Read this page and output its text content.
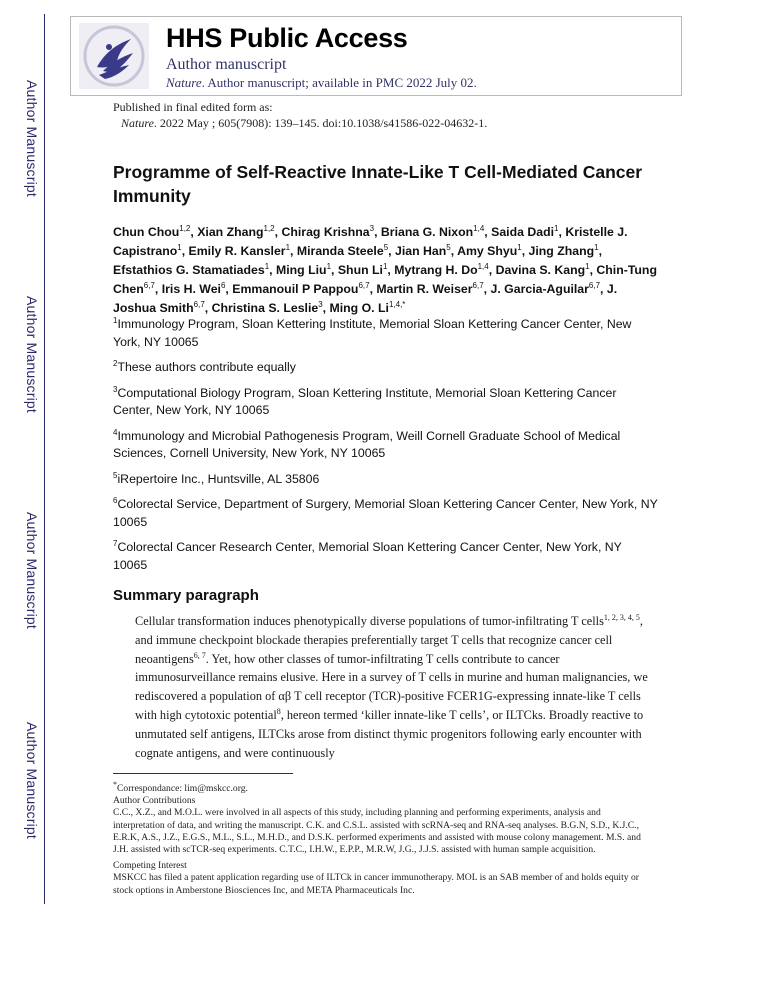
Author Manuscript
Author Manuscript
Author Manuscript
Author Manuscript
HHS Public Access
Author manuscript
Nature. Author manuscript; available in PMC 2022 July 02.
Published in final edited form as:
Nature. 2022 May ; 605(7908): 139–145. doi:10.1038/s41586-022-04632-1.
Programme of Self-Reactive Innate-Like T Cell-Mediated Cancer Immunity
Chun Chou$^{1,2}$, Xian Zhang$^{1,2}$, Chirag Krishna$^3$, Briana G. Nixon$^{1,4}$, Saida Dadi$^1$, Kristelle J. Capistrano$^1$, Emily R. Kansler$^1$, Miranda Steele$^5$, Jian Han$^5$, Amy Shyu$^1$, Jing Zhang$^1$, Efstathios G. Stamatiades$^1$, Ming Liu$^1$, Shun Li$^1$, Mytrang H. Do$^{1,4}$, Davina S. Kang$^1$, Chin-Tung Chen$^{6,7}$, Iris H. Wei$^6$, Emmanouil P Pappou$^{6,7}$, Martin R. Weiser$^{6,7}$, J. Garcia-Aguilar$^{6,7}$, J. Joshua Smith$^{6,7}$, Christina S. Leslie$^3$, Ming O. $Li^{1,4,*}$
$^1$Immunology Program, Sloan Kettering Institute, Memorial Sloan Kettering Cancer Center, New York, NY 10065
$^2$These authors contribute equally
$^3$Computational Biology Program, Sloan Kettering Institute, Memorial Sloan Kettering Cancer Center, New York, NY 10065
$^4$Immunology and Microbial Pathogenesis Program, Weill Cornell Graduate School of Medical Sciences, Cornell University, New York, NY 10065
$^5$iRepertoire Inc., Huntsville, AL 35806
$^6$Colorectal Service, Department of Surgery, Memorial Sloan Kettering Cancer Center, New York, NY 10065
$^7$Colorectal Cancer Research Center, Memorial Sloan Kettering Cancer Center, New York, NY 10065
Summary paragraph
Cellular transformation induces phenotypically diverse populations of tumor-infiltrating T cells$^{1, 2, 3, 4, 5}$, and immune checkpoint blockade therapies preferentially target T cells that recognize cancer cell neoantigens$^{6, 7}$. Yet, how other classes of tumor-infiltrating T cells contribute to cancer immunosurveillance remains elusive. Here in a survey of T cells in murine and human malignancies, we rediscovered a population of αβ T cell receptor (TCR)-positive FCER1G-expressing innate-like T cells with high cytotoxic potential$^8$, hereon termed ‘killer innate-like T cells’, or ILTCks. Broadly reactive to unmutated self antigens, ILTCks arose from distinct thymic progenitors following early encounter with cognate antigens, and were continuously

*Correspondance: lim@mskcc.org.

Author Contributions

C.C., X.Z., and M.O.L. were involved in all aspects of this study, including planning and performing experiments, analysis and interpretation of data, and writing the manuscript. C.K. and C.S.L. assisted with scRNA-seq and RNA-seq analyses. B.G.N, S.D., K.J.C., E.R.K, A.S., J.Z., E.G.S., M.L., S.L., M.H.D., and D.S.K. performed experiments and assisted with mouse colony management. M.S. and J.H. assisted with scTCR-seq experiments. C.T.C., I.H.W., E.P.P., M.R.W, J.G., J.J.S. assisted with human sample acquisition.

Competing Interest

MSKCC has filed a patent application regarding use of ILTCk in cancer immunotherapy. MOL is an SAB member of and holds equity or stock options in Amberstone Biosciences Inc, and META Pharmaceuticals Inc.
